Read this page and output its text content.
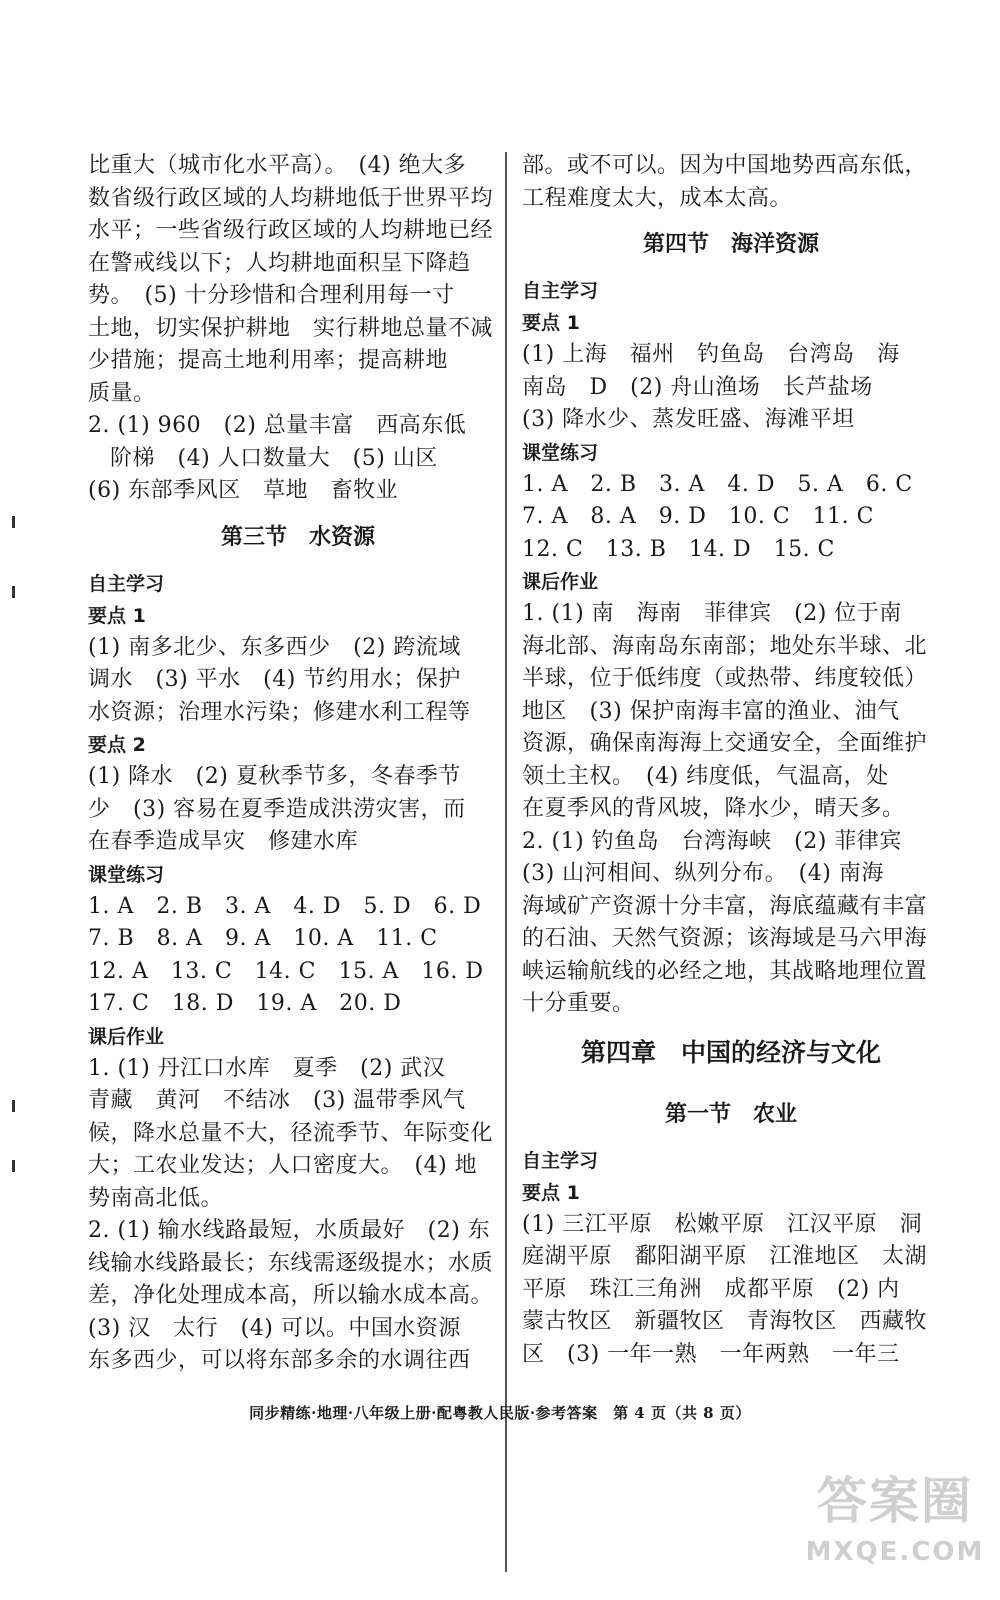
比重大（城市化水平高）。　(4) 绝大多
数省级行政区域的人均耕地低于世界平均
水平；一些省级行政区域的人均耕地已经
在警戒线以下；人均耕地面积呈下降趋
势。　(5) 十分珍惜和合理利用每一寸
土地，切实保护耕地　实行耕地总量不减
少措施；提高土地利用率；提高耕地
质量。
2. (1) 960　(2) 总量丰富　西高东低
阶梯　(4) 人口数量大　(5) 山区
(6) 东部季风区　草地　畜牧业
第三节　水资源
自主学习
要点 1
(1) 南多北少、东多西少　(2) 跨流域
调水　(3) 平水　(4) 节约用水；保护
水资源；治理水污染；修建水利工程等
要点 2
(1) 降水　(2) 夏秋季节多，冬春季节
少　(3) 容易在夏季造成洪涝灾害，而
在春季造成旱灾　修建水库
课堂练习
1. A　2. B　3. A　4. D　5. D　6. D
7. B　8. A　9. A　10. A　11. C
12. A　13. C　14. C　15. A　16. D
17. C　18. D　19. A　20. D
课后作业
1. (1) 丹江口水库　夏季　(2) 武汉
青藏　黄河　不结冰　(3) 温带季风气
候，降水总量不大，径流季节、年际变化
大；工农业发达；人口密度大。　(4) 地
势南高北低。
2. (1) 输水线路最短，水质最好　(2) 东
线输水线路最长；东线需逐级提水；水质
差，净化处理成本高，所以输水成本高。
(3) 汉　太行　(4) 可以。中国水资源
东多西少，可以将东部多余的水调往西
部。或不可以。因为中国地势西高东低，
工程难度太大，成本太高。
第四节　海洋资源
自主学习
要点 1
(1) 上海　福州　钓鱼岛　台湾岛　海
南岛　D　(2) 舟山渔场　长芦盐场
(3) 降水少、蒸发旺盛、海滩平坦
课堂练习
1. A　2. B　3. A　4. D　5. A　6. C
7. A　8. A　9. D　10. C　11. C
12. C　13. B　14. D　15. C
课后作业
1. (1) 南　海南　菲律宾　(2) 位于南
海北部、海南岛东南部；地处东半球、北
半球，位于低纬度（或热带、纬度较低）
地区　(3) 保护南海丰富的渔业、油气
资源，确保南海海上交通安全，全面维护
领土主权。　(4) 纬度低，气温高，处
在夏季风的背风坡，降水少，晴天多。
2. (1) 钓鱼岛　台湾海峡　(2) 菲律宾
(3) 山河相间、纵列分布。　(4) 南海
海域矿产资源十分丰富，海底蕴藏有丰富
的石油、天然气资源；该海域是马六甲海
峡运输航线的必经之地，其战略地理位置
十分重要。
第四章　中国的经济与文化
第一节　农业
自主学习
要点 1
(1) 三江平原　松嫩平原　江汉平原　洞
庭湖平原　鄱阳湖平原　江淮地区　太湖
平原　珠江三角洲　成都平原　(2) 内
蒙古牧区　新疆牧区　青海牧区　西藏牧
区　(3) 一年一熟　一年两熟　一年三
同步精练·地理·八年级上册·配粤教人民版·参考答案　第 4 页（共 8 页）
答案圈
MXQE.COM
